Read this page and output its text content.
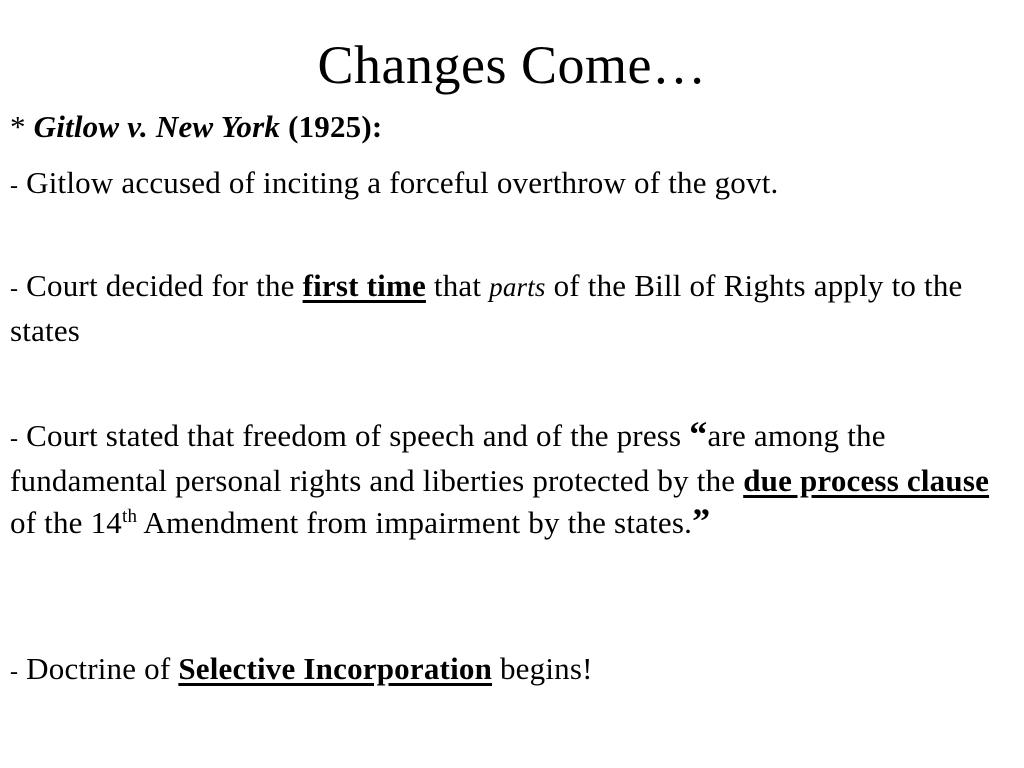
Changes Come…
* Gitlow v. New York (1925):
- Gitlow accused of inciting a forceful overthrow of the govt.
- Court decided for the first time that parts of the Bill of Rights apply to the states
- Court stated that freedom of speech and of the press “are among the fundamental personal rights and liberties protected by the due process clause of the 14th Amendment from impairment by the states.”
- Doctrine of Selective Incorporation begins!
